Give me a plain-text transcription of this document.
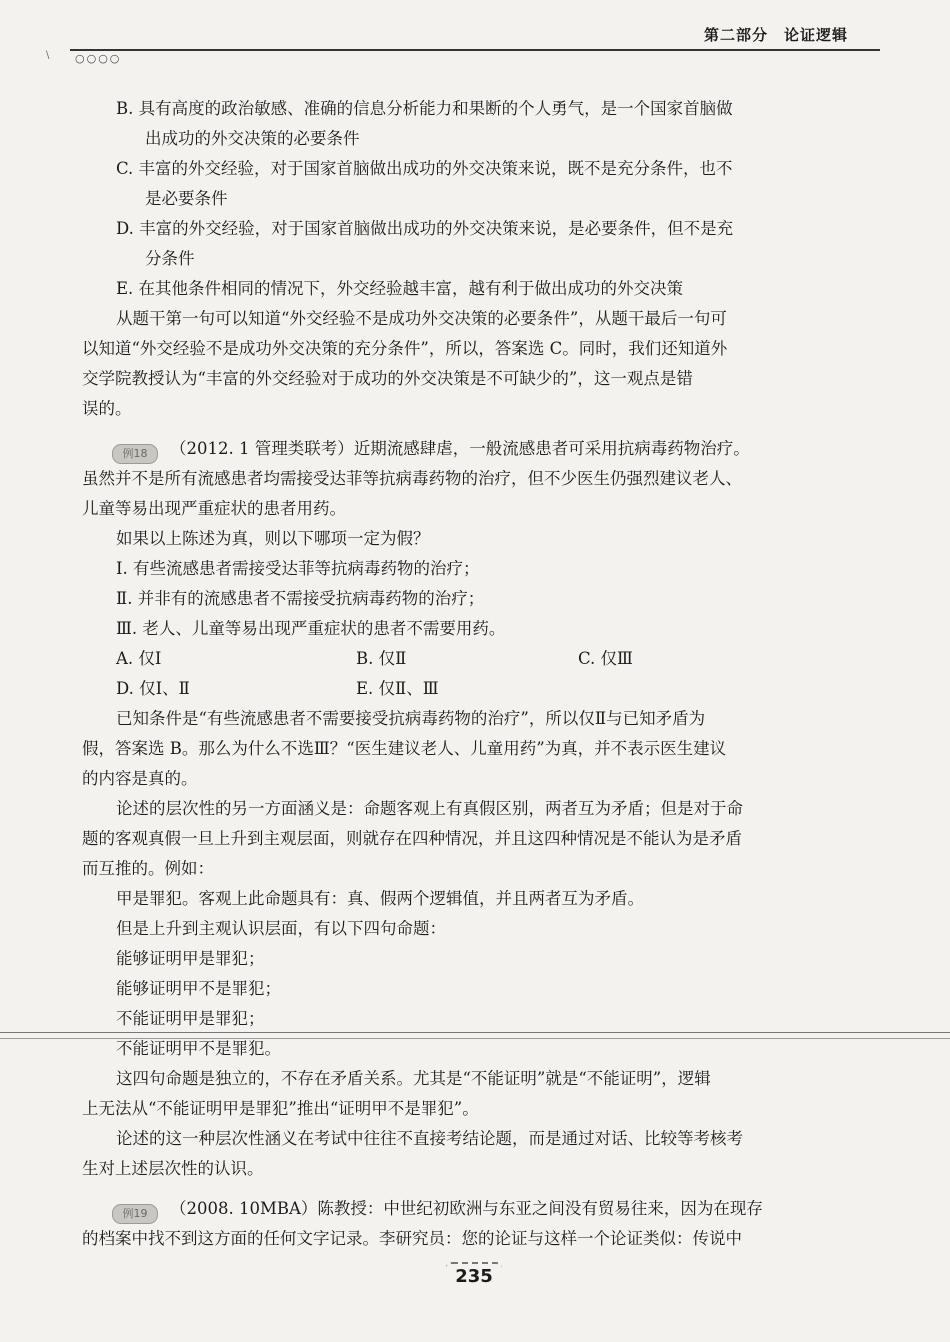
\
第二部分　论证逻辑
○○○○
B. 具有高度的政治敏感、准确的信息分析能力和果断的个人勇气，是一个国家首脑做
出成功的外交决策的必要条件
C. 丰富的外交经验，对于国家首脑做出成功的外交决策来说，既不是充分条件，也不
是必要条件
D. 丰富的外交经验，对于国家首脑做出成功的外交决策来说，是必要条件，但不是充
分条件
E. 在其他条件相同的情况下，外交经验越丰富，越有利于做出成功的外交决策
从题干第一句可以知道“外交经验不是成功外交决策的必要条件”，从题干最后一句可
以知道“外交经验不是成功外交决策的充分条件”，所以，答案选 C。同时，我们还知道外
交学院教授认为“丰富的外交经验对于成功的外交决策是不可缺少的”，这一观点是错
误的。
例18 （2012. 1 管理类联考）近期流感肆虐，一般流感患者可采用抗病毒药物治疗。
虽然并不是所有流感患者均需接受达菲等抗病毒药物的治疗，但不少医生仍强烈建议老人、
儿童等易出现严重症状的患者用药。
如果以上陈述为真，则以下哪项一定为假？
Ⅰ. 有些流感患者需接受达菲等抗病毒药物的治疗；
Ⅱ. 并非有的流感患者不需接受抗病毒药物的治疗；
Ⅲ. 老人、儿童等易出现严重症状的患者不需要用药。
A. 仅Ⅰ	B. 仅Ⅱ	C. 仅Ⅲ
D. 仅Ⅰ、Ⅱ	E. 仅Ⅱ、Ⅲ
已知条件是“有些流感患者不需要接受抗病毒药物的治疗”，所以仅Ⅱ与已知矛盾为
假，答案选 B。那么为什么不选Ⅲ？“医生建议老人、儿童用药”为真，并不表示医生建议
的内容是真的。
论述的层次性的另一方面涵义是：命题客观上有真假区别，两者互为矛盾；但是对于命
题的客观真假一旦上升到主观层面，则就存在四种情况，并且这四种情况是不能认为是矛盾
而互推的。例如：
甲是罪犯。客观上此命题具有：真、假两个逻辑值，并且两者互为矛盾。
但是上升到主观认识层面，有以下四句命题：
能够证明甲是罪犯；
能够证明甲不是罪犯；
不能证明甲是罪犯；
不能证明甲不是罪犯。
这四句命题是独立的，不存在矛盾关系。尤其是“不能证明”就是“不能证明”，逻辑
上无法从“不能证明甲是罪犯”推出“证明甲不是罪犯”。
论述的这一种层次性涵义在考试中往往不直接考结论题，而是通过对话、比较等考核考
生对上述层次性的认识。
例19 （2008. 10MBA）陈教授：中世纪初欧洲与东亚之间没有贸易往来，因为在现存
的档案中找不到这方面的任何文字记录。李研究员：您的论证与这样一个论证类似：传说中
235
